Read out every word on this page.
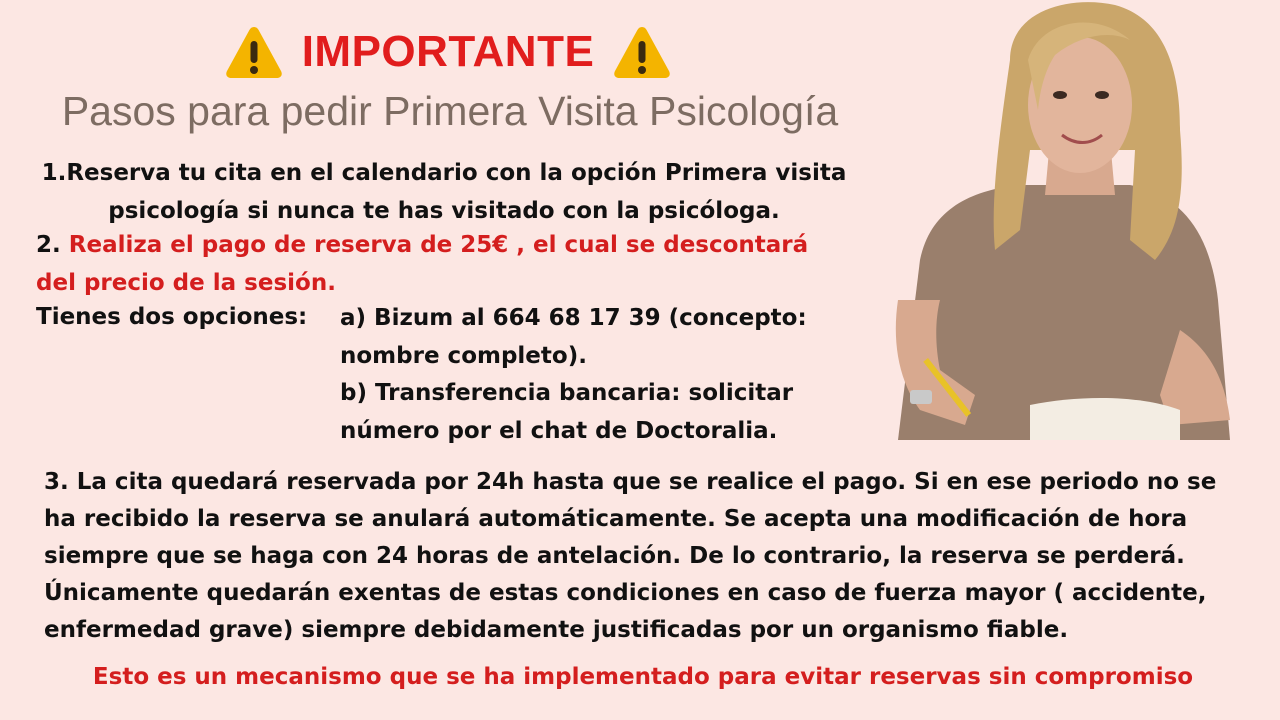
IMPORTANTE
Pasos para pedir Primera Visita Psicología
1.Reserva tu cita en el calendario con la opción Primera visita
psicología si nunca te has visitado con la psicóloga.
2. Realiza el pago de reserva de 25€ , el cual se descontará
del precio de la sesión.
Tienes dos opciones: a) Bizum al 664 68 17 39 (concepto:
nombre completo).
b) Transferencia bancaria: solicitar
número por el chat de Doctoralia.
3. La cita quedará reservada por 24h hasta que se realice el pago. Si en ese periodo no se
ha recibido la reserva se anulará automáticamente. Se acepta una modificación de hora
siempre que se haga con 24 horas de antelación. De lo contrario, la reserva se perderá.
Únicamente quedarán exentas de estas condiciones en caso de fuerza mayor ( accidente,
enfermedad grave) siempre debidamente justificadas por un organismo fiable.
Esto es un mecanismo que se ha implementado para evitar reservas sin compromiso
